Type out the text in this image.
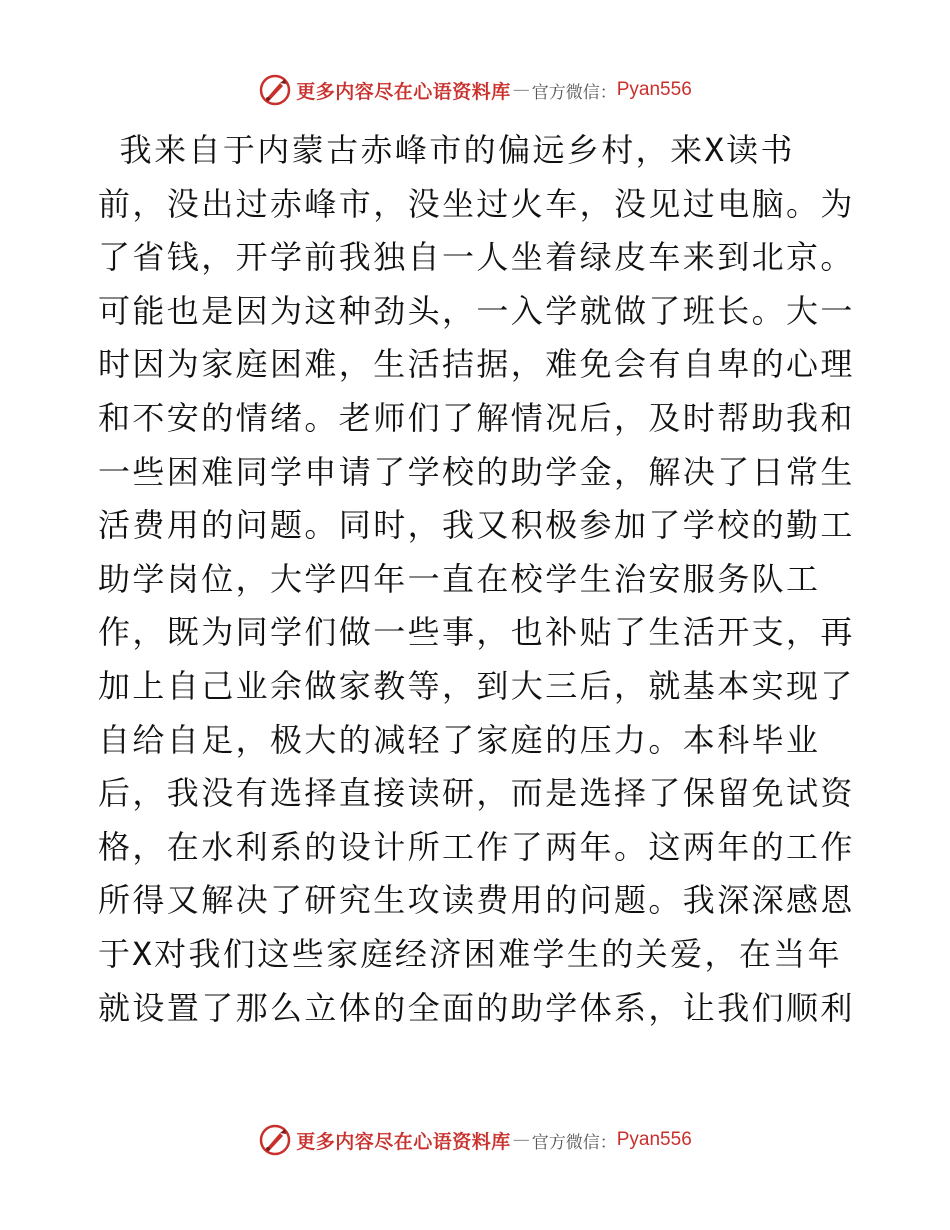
更多内容尽在心语资料库 — 官方微信： Pyan556
我来自于内蒙古赤峰市的偏远乡村，来X读书
前，没出过赤峰市，没坐过火车，没见过电脑。为
了省钱，开学前我独自一人坐着绿皮车来到北京。
可能也是因为这种劲头，一入学就做了班长。大一
时因为家庭困难，生活拮据，难免会有自卑的心理
和不安的情绪。老师们了解情况后，及时帮助我和
一些困难同学申请了学校的助学金，解决了日常生
活费用的问题。同时，我又积极参加了学校的勤工
助学岗位，大学四年一直在校学生治安服务队工
作，既为同学们做一些事，也补贴了生活开支，再
加上自己业余做家教等，到大三后，就基本实现了
自给自足，极大的减轻了家庭的压力。本科毕业
后，我没有选择直接读研，而是选择了保留免试资
格，在水利系的设计所工作了两年。这两年的工作
所得又解决了研究生攻读费用的问题。我深深感恩
于X对我们这些家庭经济困难学生的关爱，在当年
就设置了那么立体的全面的助学体系，让我们顺利
更多内容尽在心语资料库 — 官方微信： Pyan556
